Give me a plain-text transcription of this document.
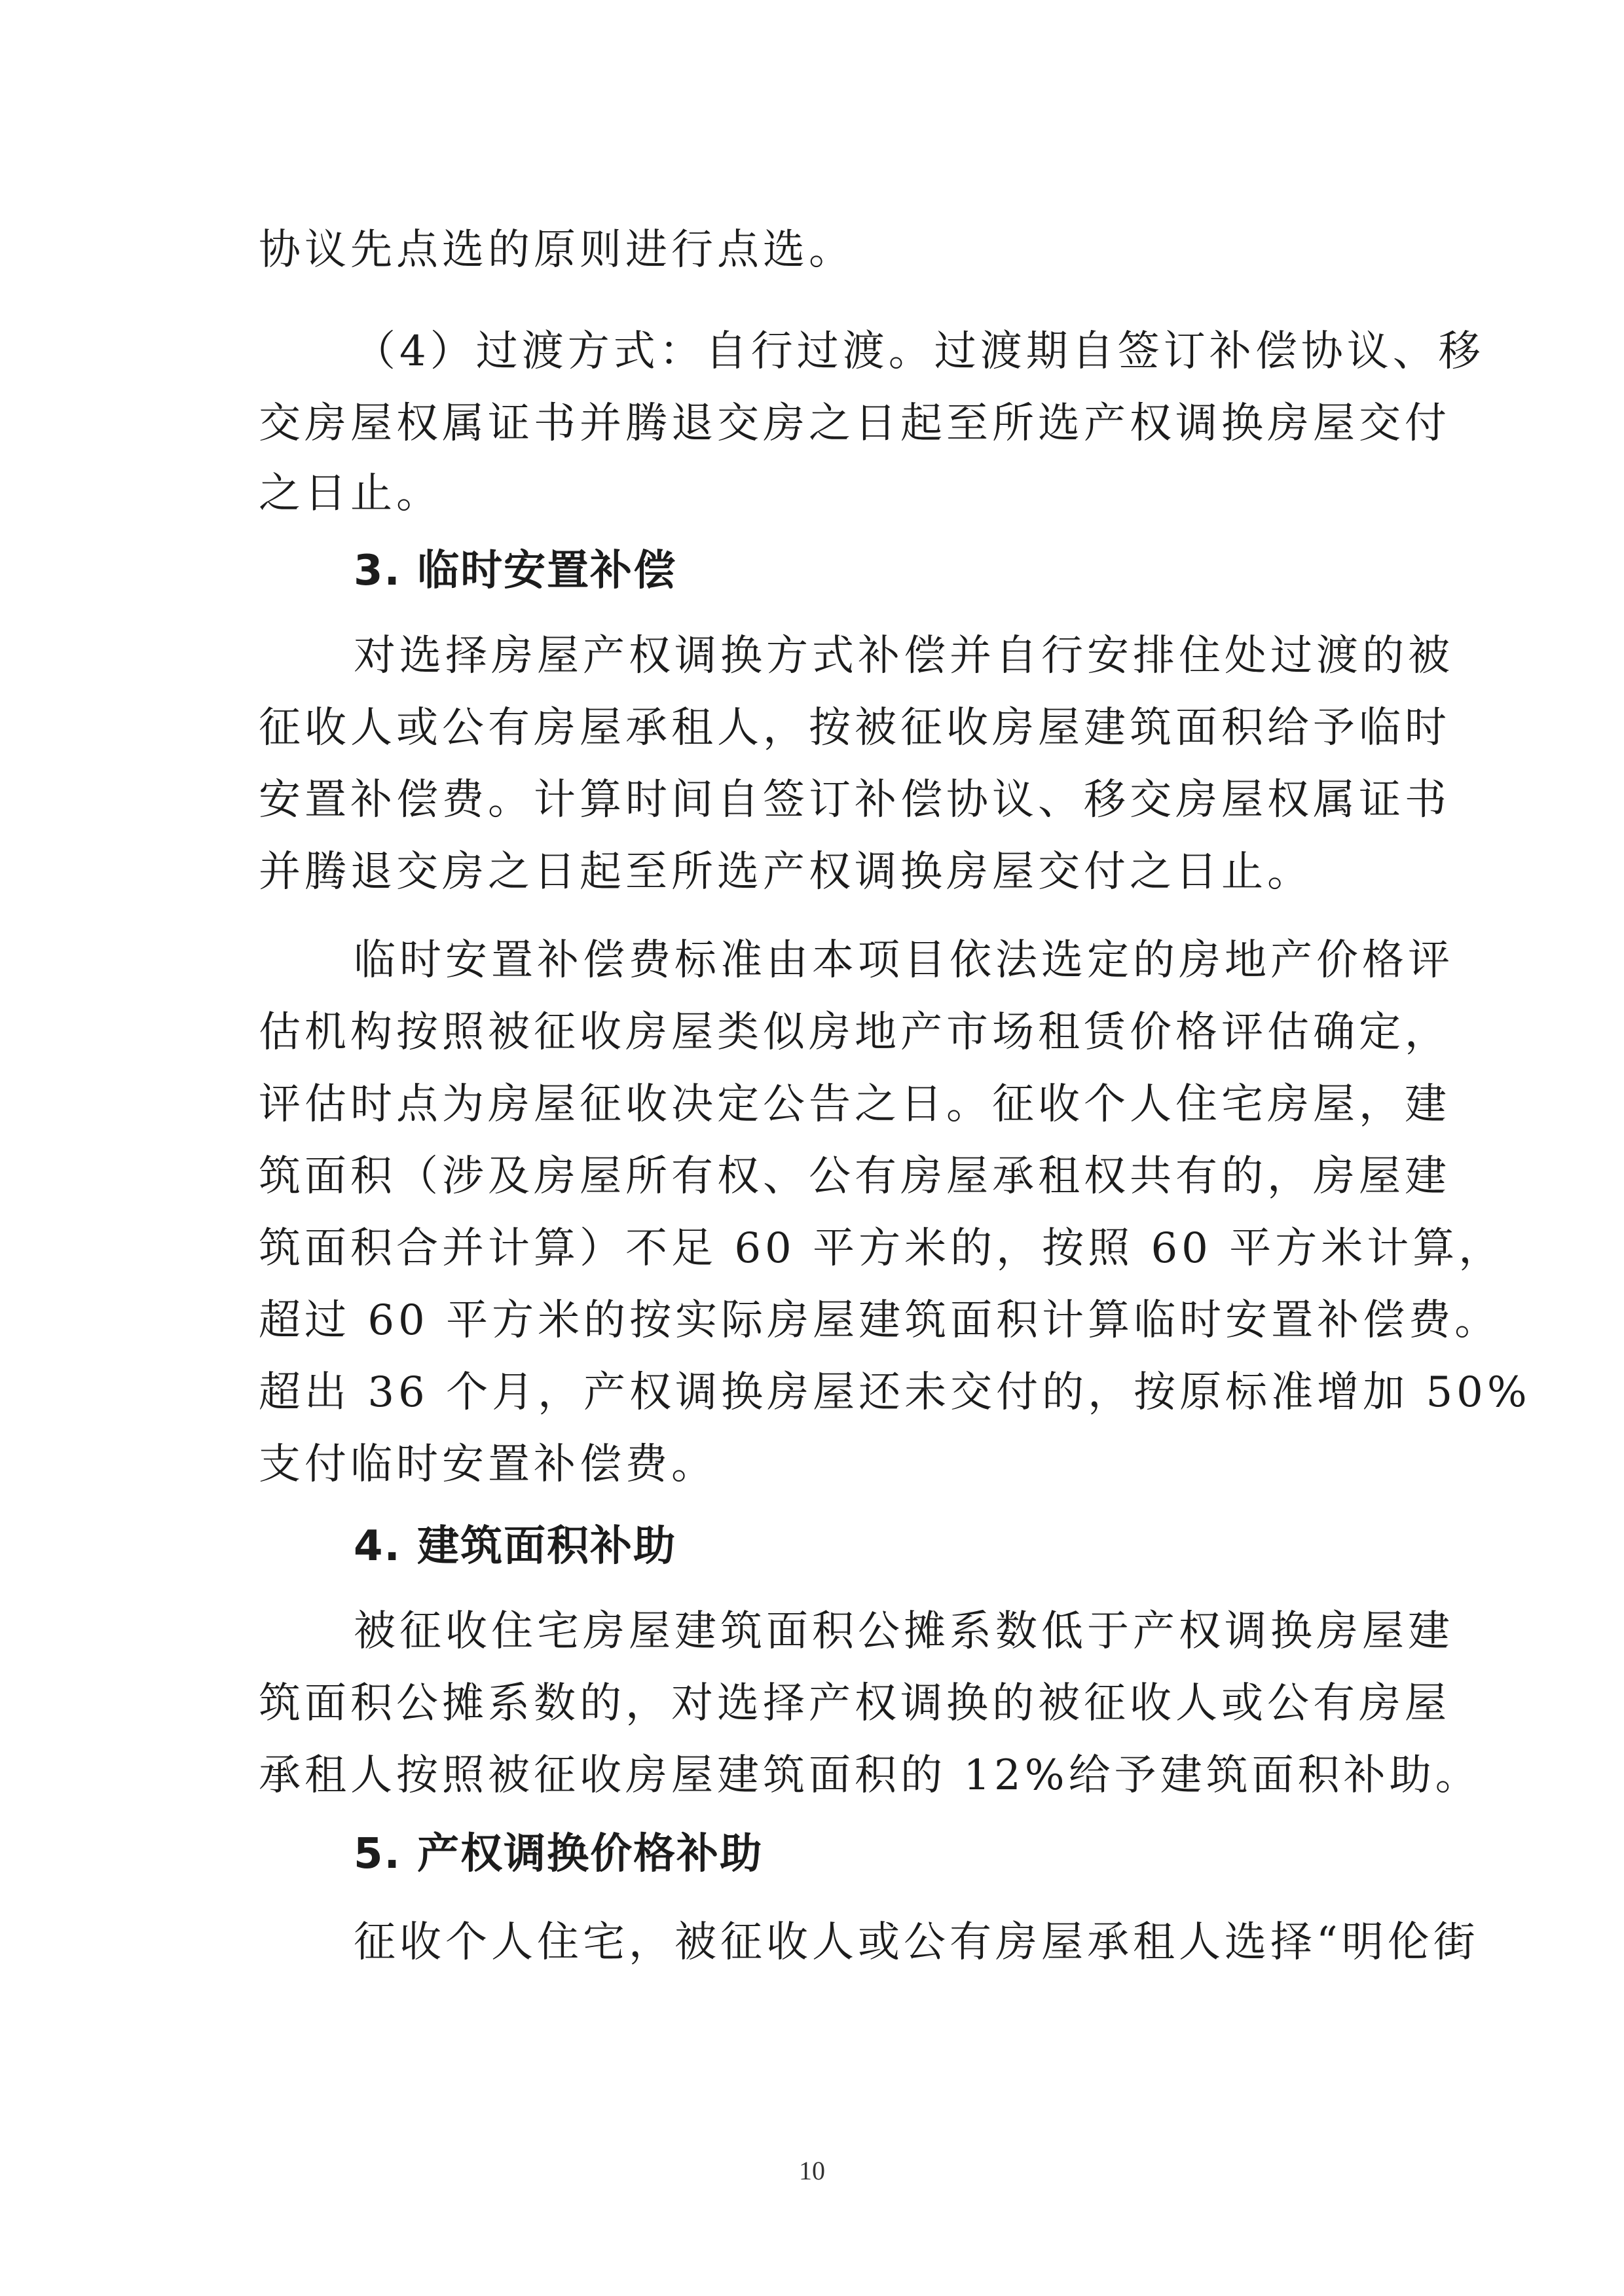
协议先点选的原则进行点选。
（4）过渡方式：自行过渡。过渡期自签订补偿协议、移
交房屋权属证书并腾退交房之日起至所选产权调换房屋交付
之日止。
3. 临时安置补偿
对选择房屋产权调换方式补偿并自行安排住处过渡的被
征收人或公有房屋承租人，按被征收房屋建筑面积给予临时
安置补偿费。计算时间自签订补偿协议、移交房屋权属证书
并腾退交房之日起至所选产权调换房屋交付之日止。
临时安置补偿费标准由本项目依法选定的房地产价格评
估机构按照被征收房屋类似房地产市场租赁价格评估确定，
评估时点为房屋征收决定公告之日。征收个人住宅房屋，建
筑面积（涉及房屋所有权、公有房屋承租权共有的，房屋建
筑面积合并计算）不足 60 平方米的，按照 60 平方米计算，
超过 60 平方米的按实际房屋建筑面积计算临时安置补偿费。
超出 36 个月，产权调换房屋还未交付的，按原标准增加 50%
支付临时安置补偿费。
4. 建筑面积补助
被征收住宅房屋建筑面积公摊系数低于产权调换房屋建
筑面积公摊系数的，对选择产权调换的被征收人或公有房屋
承租人按照被征收房屋建筑面积的 12%给予建筑面积补助。
5. 产权调换价格补助
征收个人住宅，被征收人或公有房屋承租人选择“明伦街
10
